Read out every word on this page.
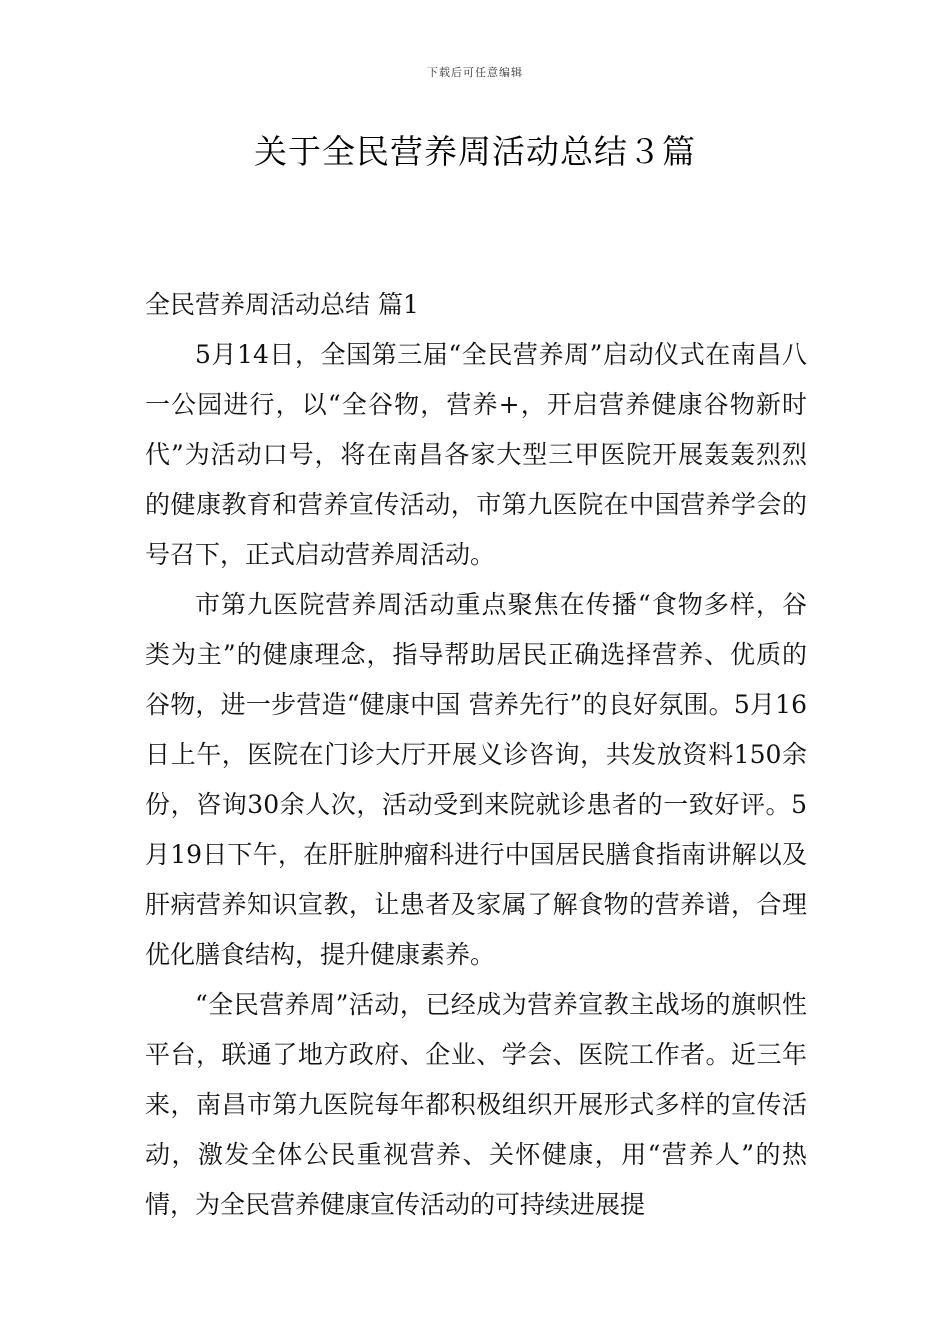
下载后可任意编辑
关于全民营养周活动总结３篇
全民营养周活动总结 篇1

5月14日，全国第三届“全民营养周”启动仪式在南昌八一公园进行，以“全谷物，营养+，开启营养健康谷物新时代”为活动口号，将在南昌各家大型三甲医院开展轰轰烈烈的健康教育和营养宣传活动，市第九医院在中国营养学会的号召下，正式启动营养周活动。

市第九医院营养周活动重点聚焦在传播“食物多样，谷类为主”的健康理念，指导帮助居民正确选择营养、优质的谷物，进一步营造“健康中国 营养先行”的良好氛围。5月16日上午，医院在门诊大厅开展义诊咨询，共发放资料150余份，咨询30余人次，活动受到来院就诊患者的一致好评。5月19日下午，在肝脏肿瘤科进行中国居民膳食指南讲解以及肝病营养知识宣教，让患者及家属了解食物的营养谱，合理优化膳食结构，提升健康素养。

“全民营养周”活动，已经成为营养宣教主战场的旗帜性平台，联通了地方政府、企业、学会、医院工作者。近三年来，南昌市第九医院每年都积极组织开展形式多样的宣传活动，激发全体公民重视营养、关怀健康，用“营养人”的热情，为全民营养健康宣传活动的可持续进展提
